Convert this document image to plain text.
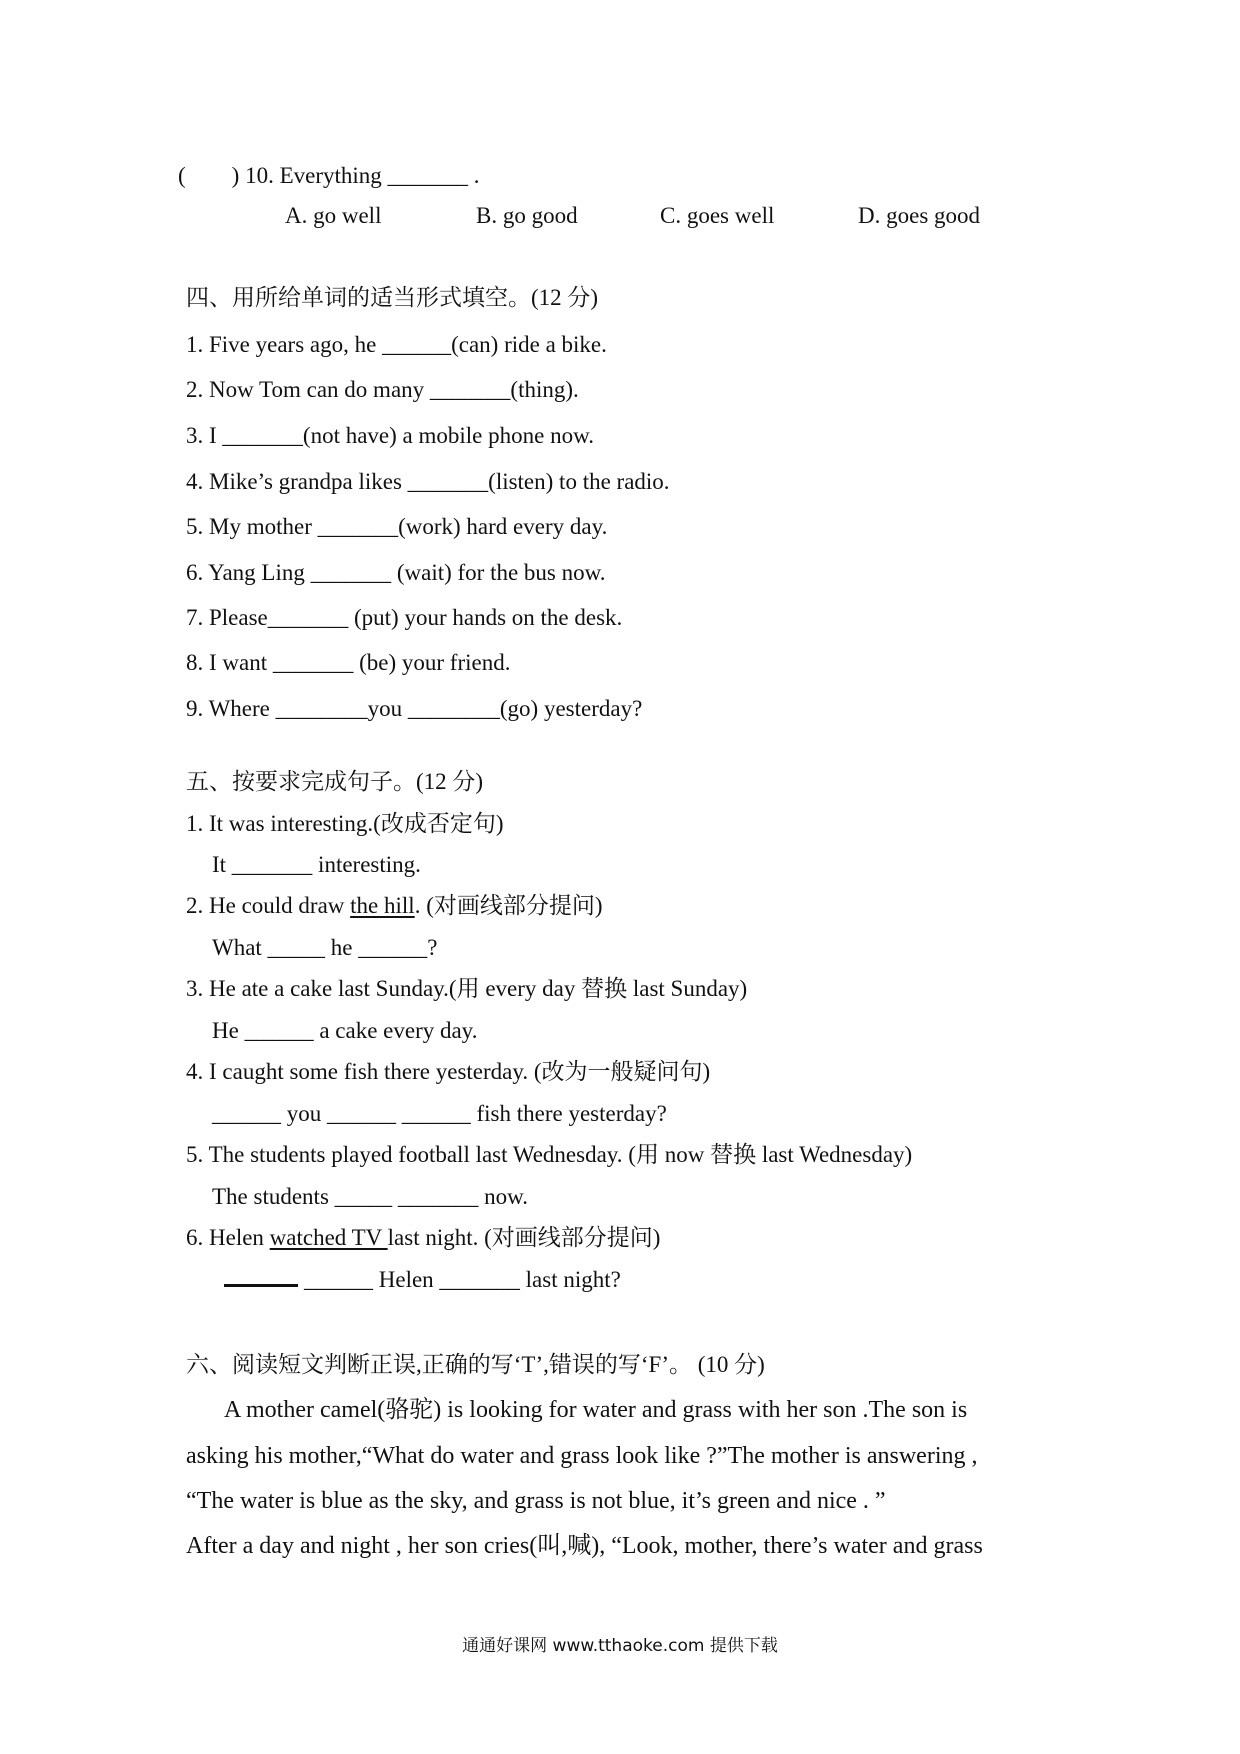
(　　) 10. Everything _______ .
A. go well	B. go good	C. goes well	D. goes good
四、用所给单词的适当形式填空。(12 分)
1. Five years ago, he ______(can) ride a bike.
2. Now Tom can do many _______(thing).
3. I _______(not have) a mobile phone now.
4. Mike’s grandpa likes _______(listen) to the radio.
5. My mother _______(work) hard every day.
6. Yang Ling _______ (wait) for the bus now.
7. Please_______ (put) your hands on the desk.
8. I want _______ (be) your friend.
9. Where ________you ________(go) yesterday?
五、按要求完成句子。(12 分)
1. It was interesting.(改成否定句)
It _______ interesting.
2. He could draw the hill. (对画线部分提问)
What _____ he ______?
3. He ate a cake last Sunday.(用 every day 替换 last Sunday)
He ______ a cake every day.
4. I caught some fish there yesterday. (改为一般疑问句)
______ you ______ ______ fish there yesterday?
5. The students played football last Wednesday. (用 now 替换 last Wednesday)
The students _____ _______ now.
6. Helen watched TV last night. (对画线部分提问)
______ Helen _______ last night?
六、阅读短文判断正误,正确的写‘T’,错误的写‘F’。 (10 分)
A mother camel(骆驼) is looking for water and grass with her son .The son is
asking his mother,“What do water and grass look like ?”The mother is answering ,
“The water is blue as the sky, and grass is not blue, it’s green and nice . ”
After a day and night , her son cries(叫,喊), “Look, mother, there’s water and grass
通通好课网 www.tthaoke.com 提供下载
